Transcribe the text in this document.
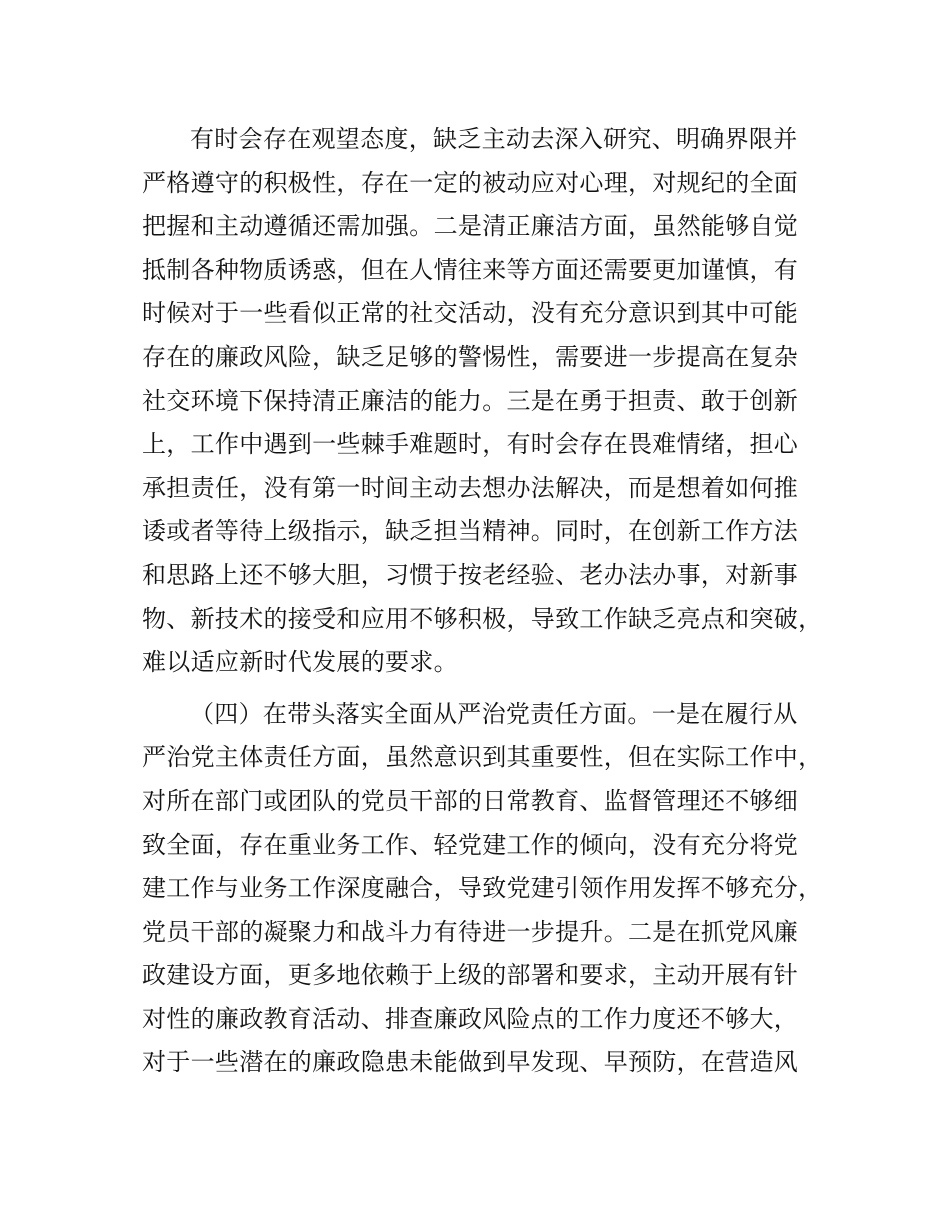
有时会存在观望态度，缺乏主动去深入研究、明确界限并
严格遵守的积极性，存在一定的被动应对心理，对规纪的全面
把握和主动遵循还需加强。二是清正廉洁方面，虽然能够自觉
抵制各种物质诱惑，但在人情往来等方面还需要更加谨慎，有
时候对于一些看似正常的社交活动，没有充分意识到其中可能
存在的廉政风险，缺乏足够的警惕性，需要进一步提高在复杂
社交环境下保持清正廉洁的能力。三是在勇于担责、敢于创新
上，工作中遇到一些棘手难题时，有时会存在畏难情绪，担心
承担责任，没有第一时间主动去想办法解决，而是想着如何推
诿或者等待上级指示，缺乏担当精神。同时，在创新工作方法
和思路上还不够大胆，习惯于按老经验、老办法办事，对新事
物、新技术的接受和应用不够积极，导致工作缺乏亮点和突破，
难以适应新时代发展的要求。
（四）在带头落实全面从严治党责任方面。一是在履行从
严治党主体责任方面，虽然意识到其重要性，但在实际工作中，
对所在部门或团队的党员干部的日常教育、监督管理还不够细
致全面，存在重业务工作、轻党建工作的倾向，没有充分将党
建工作与业务工作深度融合，导致党建引领作用发挥不够充分，
党员干部的凝聚力和战斗力有待进一步提升。二是在抓党风廉
政建设方面，更多地依赖于上级的部署和要求，主动开展有针
对性的廉政教育活动、排查廉政风险点的工作力度还不够大，
对于一些潜在的廉政隐患未能做到早发现、早预防，在营造风
